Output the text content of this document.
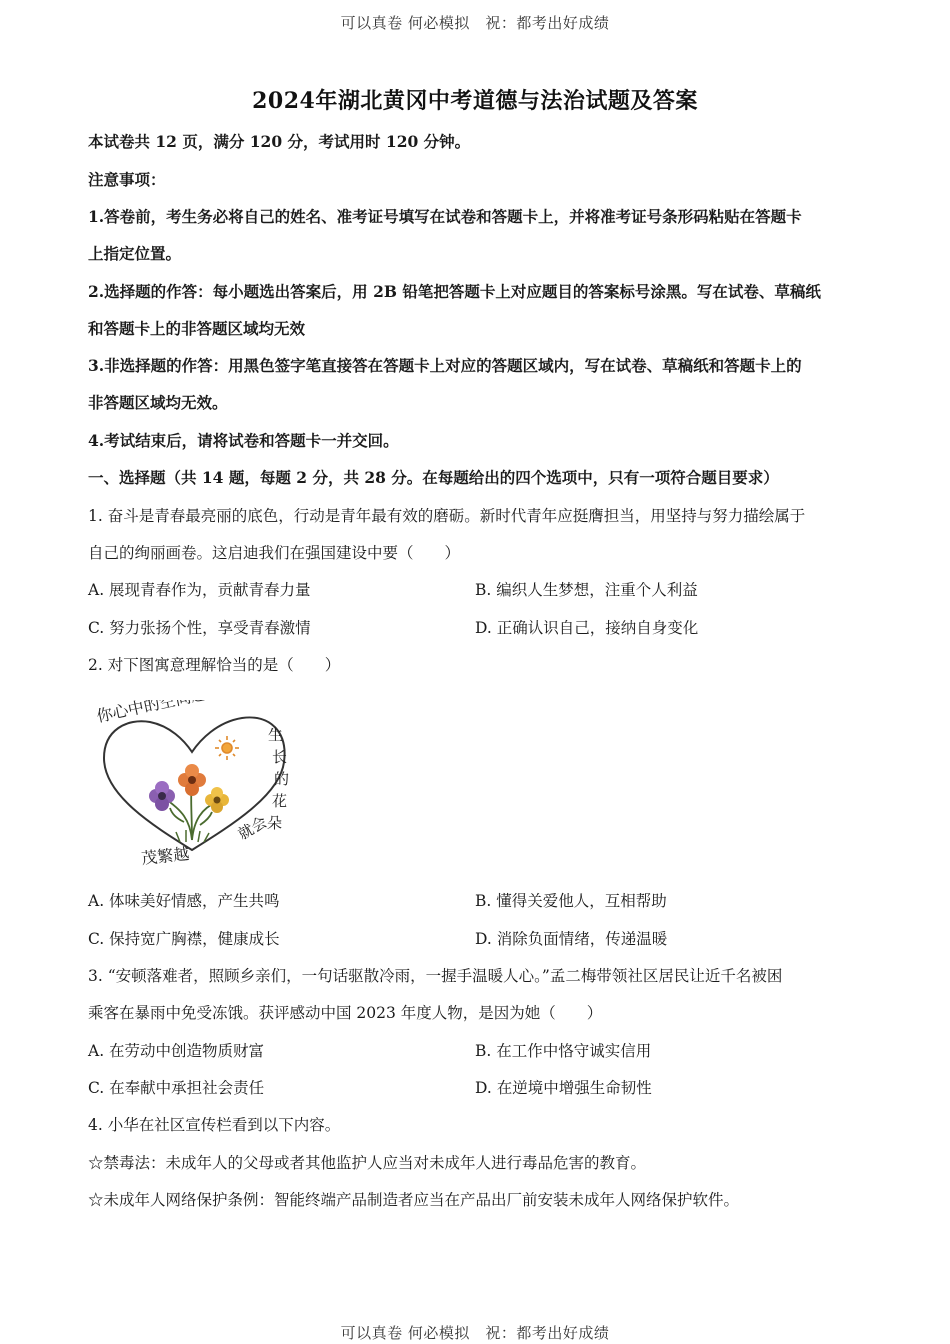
可以真卷 何必模拟　祝：都考出好成绩
2024年湖北黄冈中考道德与法治试题及答案
本试卷共 12 页，满分 120 分，考试用时 120 分钟。
注意事项：
1.答卷前，考生务必将自己的姓名、准考证号填写在试卷和答题卡上，并将准考证号条形码粘贴在答题卡
上指定位置。
2.选择题的作答：每小题选出答案后，用 2B 铅笔把答题卡上对应题目的答案标号涂黑。写在试卷、草稿纸
和答题卡上的非答题区域均无效
3.非选择题的作答：用黑色签字笔直接答在答题卡上对应的答题区域内，写在试卷、草稿纸和答题卡上的
非答题区域均无效。
4.考试结束后，请将试卷和答题卡一并交回。
一、选择题（共 14 题，每题 2 分，共 28 分。在每题给出的四个选项中，只有一项符合题目要求）
1. 奋斗是青春最亮丽的底色，行动是青年最有效的磨砺。新时代青年应挺膺担当，用坚持与努力描绘属于
自己的绚丽画卷。这启迪我们在强国建设中要（　　）
A. 展现青春作为，贡献青春力量	B. 编织人生梦想，注重个人利益
C. 努力张扬个性，享受青春激情	D. 正确认识自己，接纳自身变化
2. 对下图寓意理解恰当的是（　　）
你心中的空间越大,
生
长
的
花
朵
就会
茂繁越
A. 体味美好情感，产生共鸣	B. 懂得关爱他人，互相帮助
C. 保持宽广胸襟，健康成长	D. 消除负面情绪，传递温暖
3. “安顿落难者，照顾乡亲们，一句话驱散冷雨，一握手温暖人心。”孟二梅带领社区居民让近千名被困
乘客在暴雨中免受冻饿。获评感动中国 2023 年度人物，是因为她（　　）
A. 在劳动中创造物质财富	B. 在工作中恪守诚实信用
C. 在奉献中承担社会责任	D. 在逆境中增强生命韧性
4. 小华在社区宣传栏看到以下内容。
☆禁毒法：未成年人的父母或者其他监护人应当对未成年人进行毒品危害的教育。
☆未成年人网络保护条例：智能终端产品制造者应当在产品出厂前安装未成年人网络保护软件。
可以真卷 何必模拟　祝：都考出好成绩
